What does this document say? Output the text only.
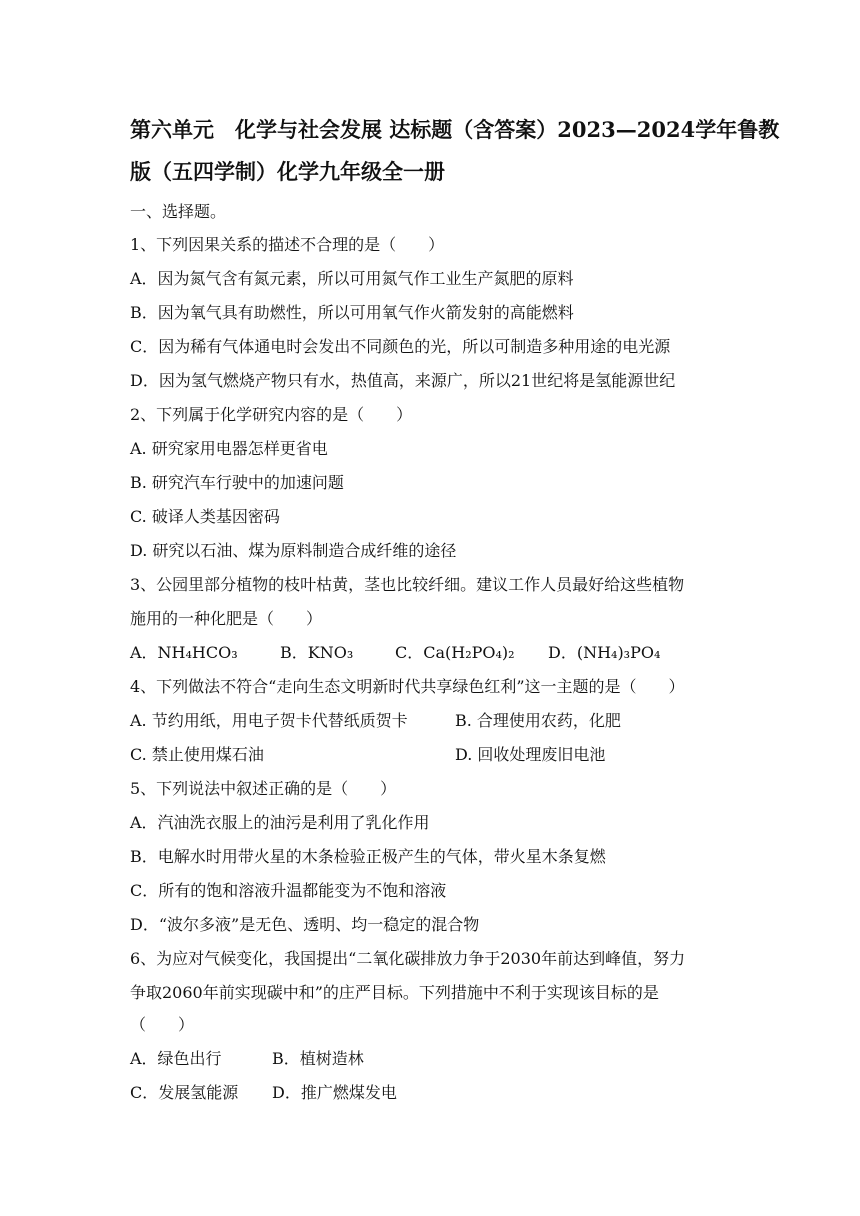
第六单元　化学与社会发展 达标题（含答案）2023—2024学年鲁教
版（五四学制）化学九年级全一册
一、选择题。
1、下列因果关系的描述不合理的是（　　）
A．因为氮气含有氮元素，所以可用氮气作工业生产氮肥的原料
B．因为氧气具有助燃性，所以可用氧气作火箭发射的高能燃料
C．因为稀有气体通电时会发出不同颜色的光，所以可制造多种用途的电光源
D．因为氢气燃烧产物只有水，热值高，来源广，所以21世纪将是氢能源世纪
2、下列属于化学研究内容的是（　　）
A. 研究家用电器怎样更省电
B. 研究汽车行驶中的加速问题
C. 破译人类基因密码
D. 研究以石油、煤为原料制造合成纤维的途径
3、公园里部分植物的枝叶枯黄，茎也比较纤细。建议工作人员最好给这些植物
施用的一种化肥是（　　）
A．NH₄HCO₃	B．KNO₃	C．Ca(H₂PO₄)₂ D．(NH₄)₃PO₄
4、下列做法不符合“走向生态文明新时代共享绿色红利”这一主题的是（　　）
A. 节约用纸，用电子贺卡代替纸质贺卡	B. 合理使用农药，化肥
C. 禁止使用煤石油	D. 回收处理废旧电池
5、下列说法中叙述正确的是（　　）
A．汽油洗衣服上的油污是利用了乳化作用
B．电解水时用带火星的木条检验正极产生的气体，带火星木条复燃
C．所有的饱和溶液升温都能变为不饱和溶液
D．“波尔多液”是无色、透明、均一稳定的混合物
6、为应对气候变化，我国提出“二氧化碳排放力争于2030年前达到峰值，努力
争取2060年前实现碳中和”的庄严目标。下列措施中不利于实现该目标的是
（　　）
A．绿色出行	B．植树造林
C．发展氢能源 D．推广燃煤发电
